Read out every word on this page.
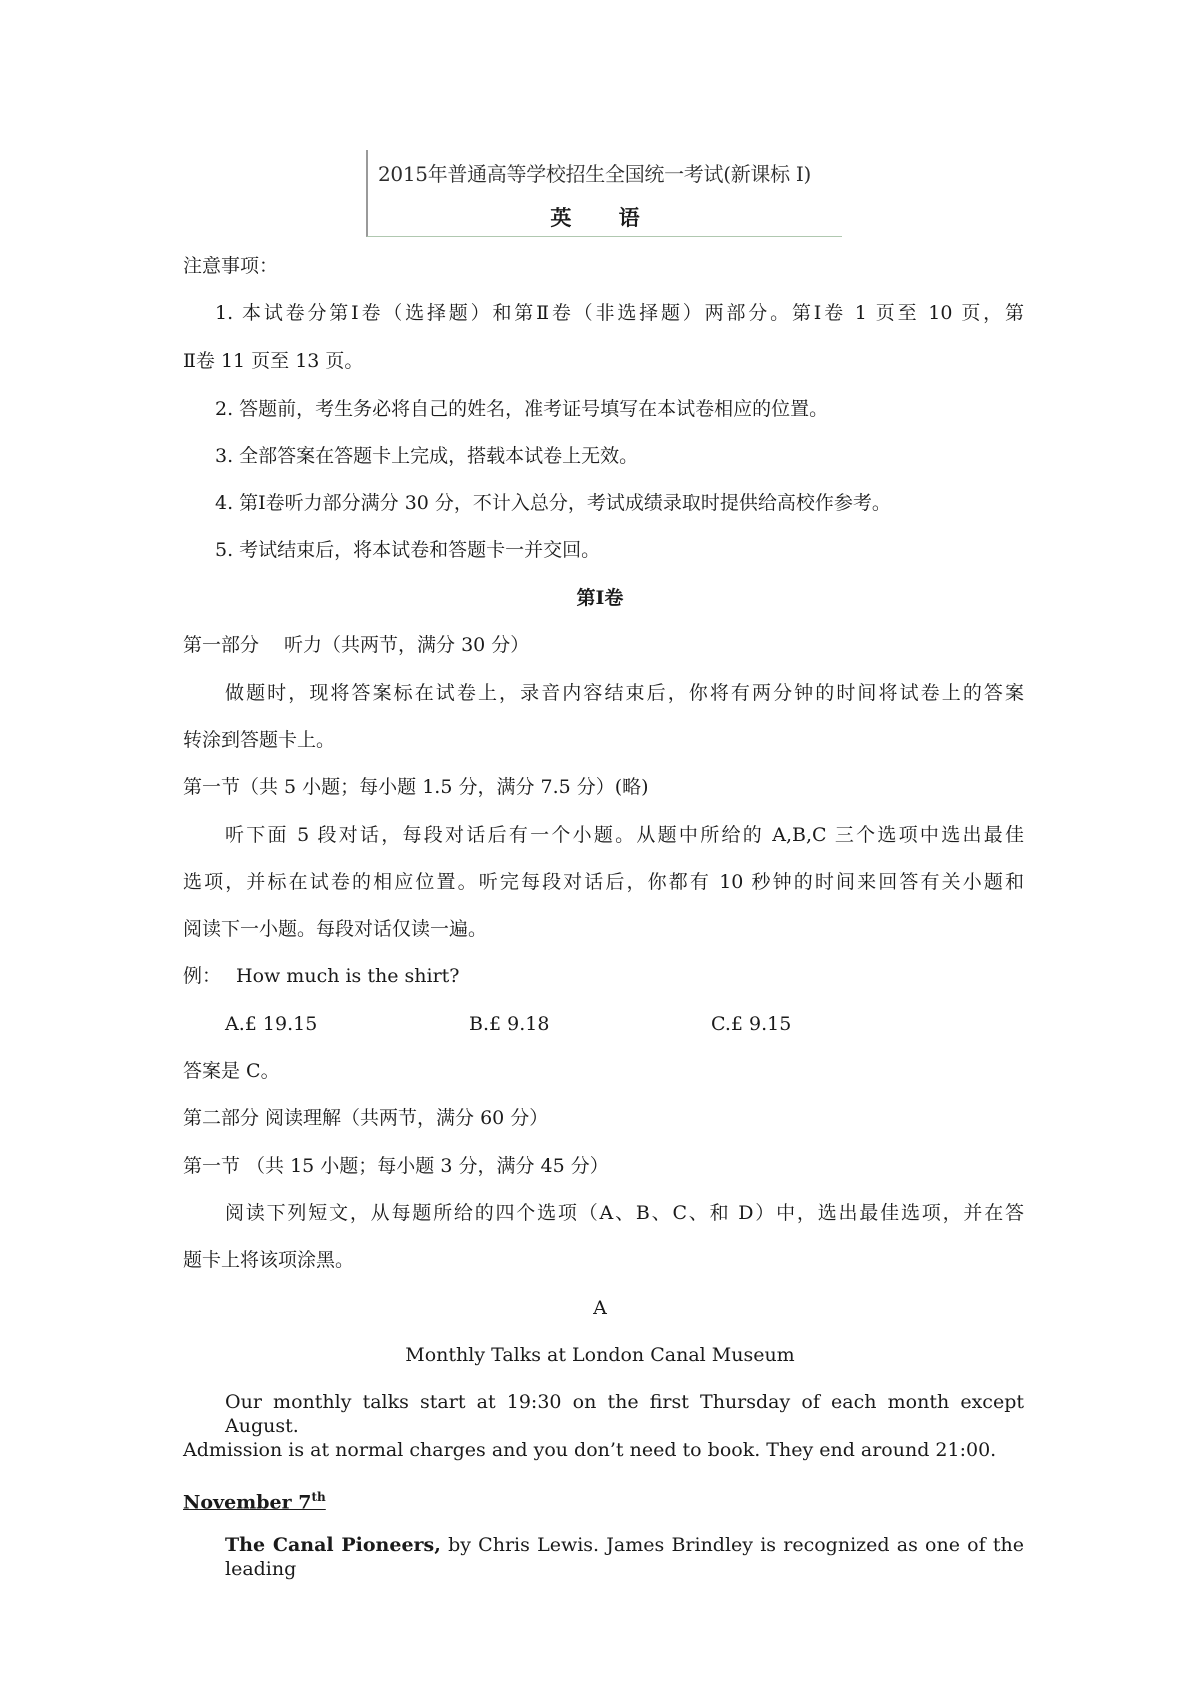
2015年普通高等学校招生全国统一考试(新课标 I)
英 语
注意事项：
1. 本试卷分第Ⅰ卷（选择题）和第Ⅱ卷（非选择题）两部分。第Ⅰ卷 1 页至 10 页，第
Ⅱ卷 11 页至 13 页。
2. 答题前，考生务必将自己的姓名，准考证号填写在本试卷相应的位置。
3. 全部答案在答题卡上完成，搭载本试卷上无效。
4. 第Ⅰ卷听力部分满分 30 分，不计入总分，考试成绩录取时提供给高校作参考。
5. 考试结束后，将本试卷和答题卡一并交回。
第Ⅰ卷
第一部分　 听力（共两节，满分 30 分）
做题时，现将答案标在试卷上，录音内容结束后，你将有两分钟的时间将试卷上的答案
转涂到答题卡上。
第一节（共 5 小题；每小题 1.5 分，满分 7.5 分）(略)
听下面 5 段对话，每段对话后有一个小题。从题中所给的 A,B,C 三个选项中选出最佳
选项，并标在试卷的相应位置。听完每段对话后，你都有 10 秒钟的时间来回答有关小题和
阅读下一小题。每段对话仅读一遍。
例： How much is the shirt?
A.£ 19.15	B.£ 9.18	C.£ 9.15
答案是 C。
第二部分 阅读理解（共两节，满分 60 分）
第一节 （共 15 小题；每小题 3 分，满分 45 分）
阅读下列短文，从每题所给的四个选项（A、B、C、和 D）中，选出最佳选项，并在答
题卡上将该项涂黑。
A
Monthly Talks at London Canal Museum
Our monthly talks start at 19:30 on the first Thursday of each month except August.
Admission is at normal charges and you don’t need to book. They end around 21:00.
November 7th
The Canal Pioneers, by Chris Lewis. James Brindley is recognized as one of the leading
